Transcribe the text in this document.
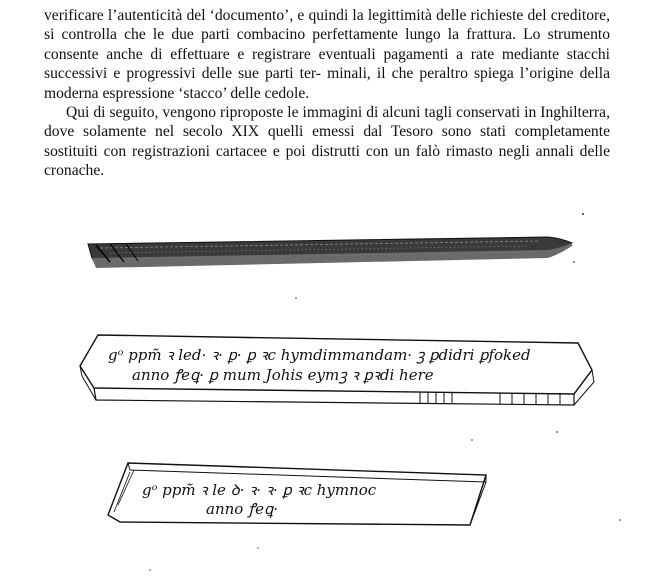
verificare l’autenticità del ‘documento’, e quindi la legittimità delle richieste del creditore, si controlla che le due parti combacino perfettamente lungo la frattura. Lo strumento consente anche di effettuare e registrare eventuali pagamenti a rate mediante stacchi successivi e progressivi delle sue parti ter- minali, il che peraltro spiega l’origine della moderna espressione ‘stacco’ delle cedole.

Qui di seguito, vengono riproposte le immagini di alcuni tagli conservati in Inghilterra, dove solamente nel secolo XIX quelli emessi dal Tesoro sono stati completamente sostituiti con registrazioni cartacee e poi distrutti con un falò rimasto negli annali delle cronache.

gᵒ ppm̃ ꝛ led· ꝛ· ꝑ· ꝑ ꝛc hymdimmandam· ꝫ ꝑdidri ꝑfoked
anno ꝭeꝗ· ꝑ mum Johis eymꝫ ꝛ ꝑꝛdi here
gᵒ ppm̃ ꝛ le ꝺ· ꝛ· ꝛ· ꝑ ꝛc hymnoc
anno ꝭeꝗ·
